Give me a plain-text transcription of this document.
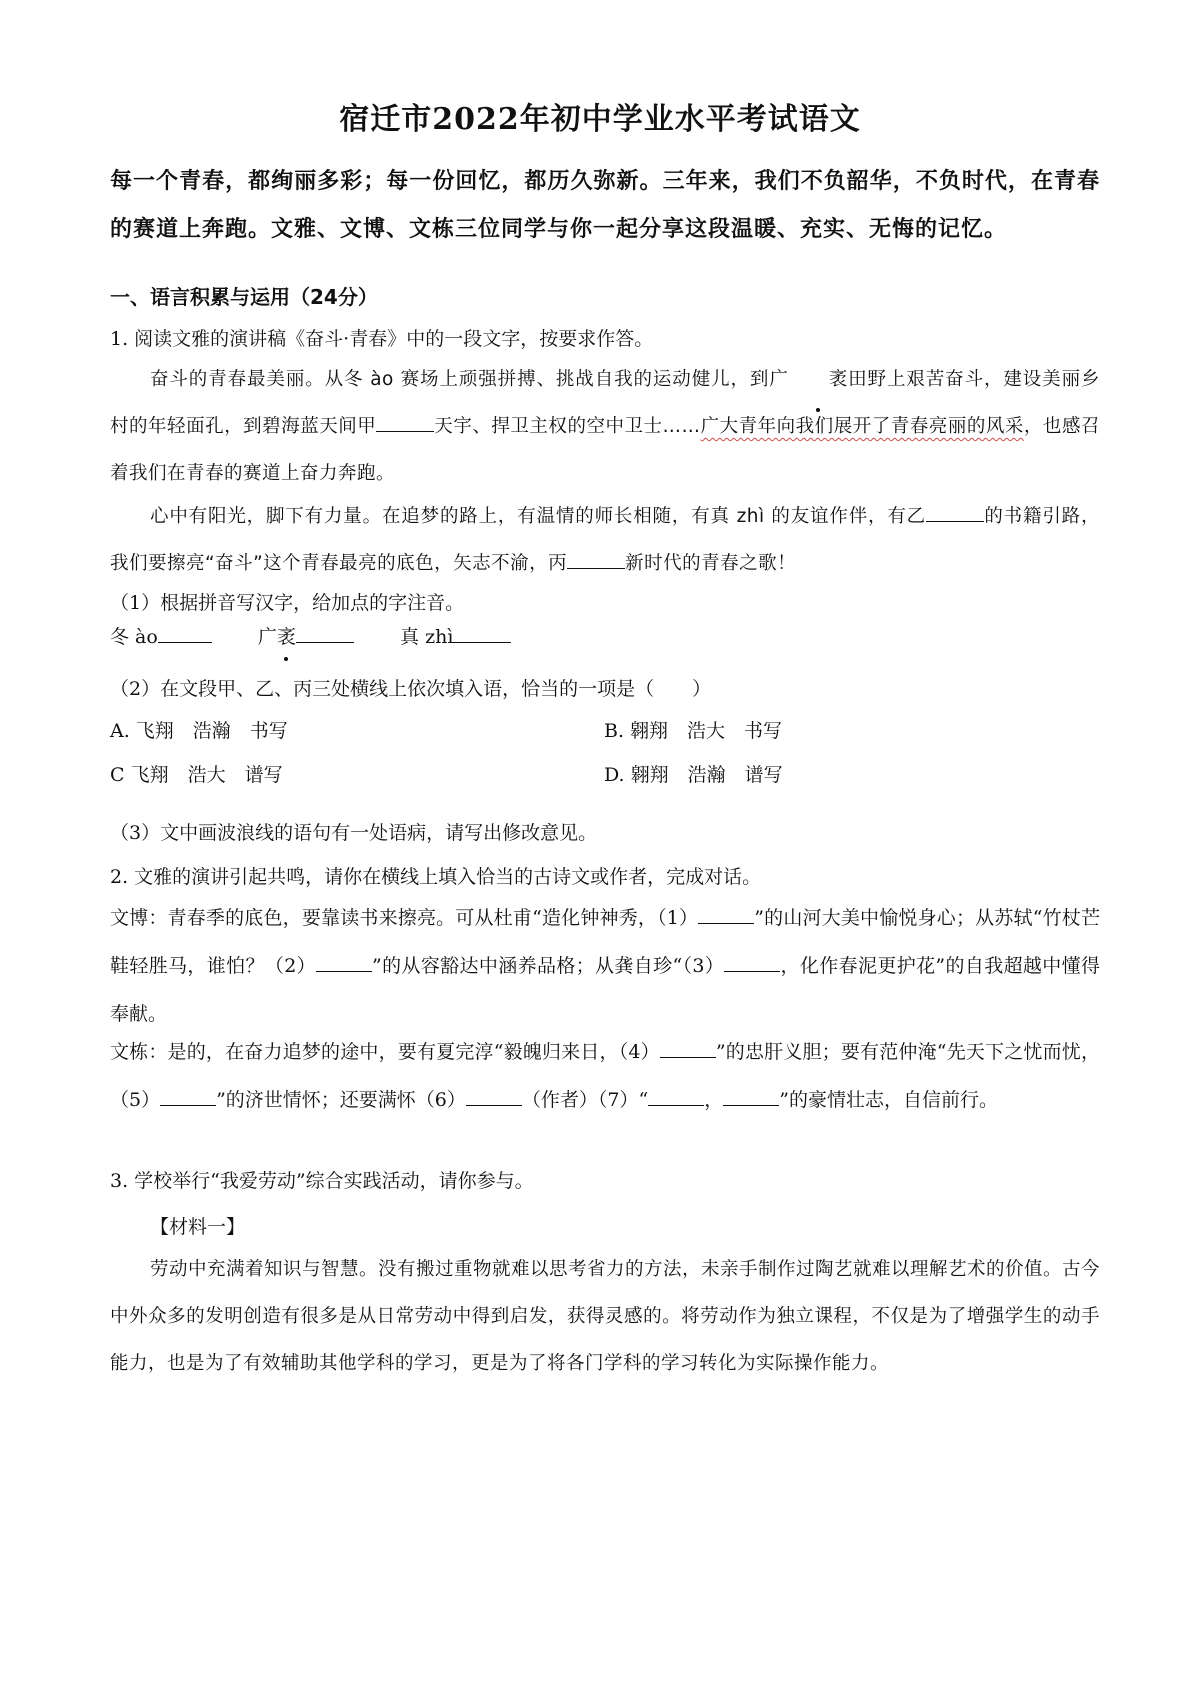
宿迁市2022年初中学业水平考试语文
每一个青春，都绚丽多彩；每一份回忆，都历久弥新。三年来，我们不负韶华，不负时代，在青春的赛道上奔跑。文雅、文博、文栋三位同学与你一起分享这段温暖、充实、无悔的记忆。
一、语言积累与运用（24分）
1. 阅读文雅的演讲稿《奋斗·青春》中的一段文字，按要求作答。
奋斗的青春最美丽。从冬 ào 赛场上顽强拼搏、挑战自我的运动健儿，到广 袤田野上艰苦奋斗，建设美丽乡村的年轻面孔，到碧海蓝天间甲	天宇、捍卫主权的空中卫士……广大青年向我们展开了青春亮丽的风采，也感召着我们在青春的赛道上奋力奔跑。
心中有阳光，脚下有力量。在追梦的路上，有温情的师长相随，有真 zhì 的友谊作伴，有乙	的书籍引路，我们要擦亮“奋斗”这个青春最亮的底色，矢志不渝，丙	新时代的青春之歌！
（1）根据拼音写汉字，给加点的字注音。
冬 ào	广袤	真 zhì
（2）在文段甲、乙、丙三处横线上依次填入语，恰当的一项是（　　）
A. 飞翔　浩瀚　书写	B. 翱翔　浩大　书写
C 飞翔　浩大　谱写	D. 翱翔　浩瀚　谱写
（3）文中画波浪线的语句有一处语病，请写出修改意见。
2. 文雅的演讲引起共鸣，请你在横线上填入恰当的古诗文或作者，完成对话。
文博：青春季的底色，要靠读书来擦亮。可从杜甫“造化钟神秀，（1）	”的山河大美中愉悦身心；从苏轼“竹杖芒鞋轻胜马，谁怕？（2）	”的从容豁达中涵养品格；从龚自珍“（3）	，化作春泥更护花”的自我超越中懂得奉献。
文栋：是的，在奋力追梦的途中，要有夏完淳“毅魄归来日，（4）	”的忠肝义胆；要有范仲淹“先天下之忧而忧，（5）	”的济世情怀；还要满怀（6）	（作者）（7）“	，	”的豪情壮志，自信前行。
3. 学校举行“我爱劳动”综合实践活动，请你参与。
【材料一】
劳动中充满着知识与智慧。没有搬过重物就难以思考省力的方法，未亲手制作过陶艺就难以理解艺术的价值。古今中外众多的发明创造有很多是从日常劳动中得到启发，获得灵感的。将劳动作为独立课程，不仅是为了增强学生的动手能力，也是为了有效辅助其他学科的学习，更是为了将各门学科的学习转化为实际操作能力。
